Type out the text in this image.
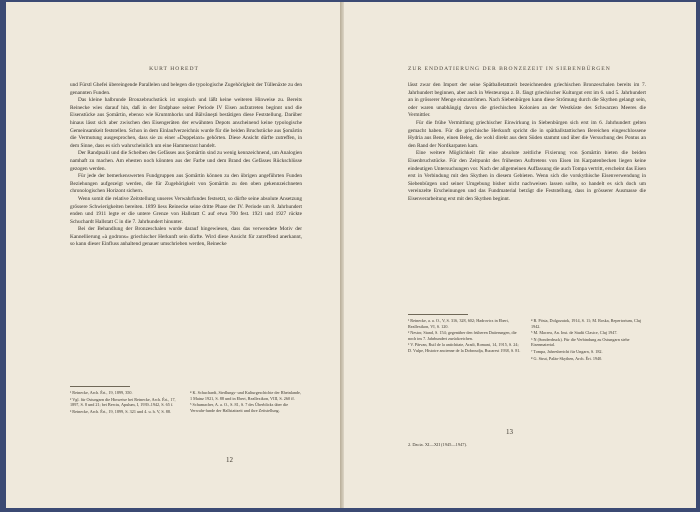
KURT HOREDT

und Fürstl Ghefei übereingende Parallelen und belegen die typologische Zugehörigkeit der Tüllenäxte zu den genannten Funden.

Das kleine halbrunde Bronzebruchstück ist utopisch und läßt keine weiteren Hinweise zu. Bereits Reinecke wies darauf hin, daß in der Endphase seiner Periode IV Eisen aufzutreten beginnt und die Eisenstücke aus Şomărtin, ebenso wie Krummhorks und Bălvăneşti bestätigen diese Feststellung. Darüber hinaus lässt sich aber zwischen den Eisengeräten der erwähnten Depots anscheinend keine typologische Gemeinsamkeit feststellen. Schon in dem Einlaufverzeichnis wurde für die beiden Bruchstücke aus Şomărtin die Vermutung ausgesprochen, dass sie zu einer »Doppelaxt« gehörten. Diese Ansicht dürfte zutreffen, in dem Sinne, dass es sich wahrscheinlich um eine Hammeraxt handelt.

Der Randpsalii und die Scheiben des Gefässes aus Şomărtin sind zu wenig kennzeichnend, um Analogien namhaft zu machen. Am ehesten noch könnten aus der Farbe und dem Brand des Gefässes Rückschlüsse gezogen werden.

Für jede der bemerkenswerten Fundgruppen aus Şomărtin können zu den übrigen angeführten Funden Beziehungen aufgezeigt werden, die für Zugehörigkeit von Şomărtin zu den oben gekennzeichneten chronologischen Horizont sichern.

Wenn somit die relative Zeitstellung unseres Verwahrfundes festsetzt, so dürfte seine absolute Ansetzung grössere Schwierigkeiten bereiten. 1899 liess Reinecke seine dritte Phase der IV. Periode um 8. Jahrhundert enden und 1911 legte er die untere Grenze von Hallstatt C auf etwa 700 fest. 1921 und 1927 rückte Schuchardt Hallstatt C in die 7. Jahrhundert hinunter.

Bei der Behandlung der Bronzeschalen wurde darauf hingewiesen, dass das verwendete Motiv der Kannellierung »à godrons« griechischer Herkunft sein dürfte. Wird diese Ansicht für zutreffend anerkannt, so kann dieser Einfluss anhaltend genauer umschrieben werden, Reinecke

¹ Reinecke, Arch. Ért., 19, 1899, 350.
² Vgl. für Ostungarn die Hinweise bei Reinecke, Arch. Ért., 17, 1897, S. 8 und 21; bei Berciu, Apulum, I, 1939–1942, S. 65 f.
³ Reinecke, Arch. Ért., 19, 1899, S. 321 und 4. u. h. V, S. 88.
⁴ K. Schuchardt, Siedlungs- und Kulturgeschichte der Rheinlande, 1 Mainz 1921, S. 88 und in Ebert, Reallexikon, VIII, S. 260 ff.
⁵ Schumacher, A. a. O., S. 81, S. 7 des Überblicks über die Verwahr-funde der Hallstattzeit und ihre Zeitstellung.
12
ZUR ENDDATIERUNG DER BRONZEZEIT IN SIEBENBÜRGEN

lässt zwar den Import der seine Spätballetattzeit bezeichnenden griechischen Bronzeschalen bereits im 7. Jahrhundert beginnen, aber auch in Westeuropa z. B. fängt griechischer Kulturgut erst im 6. und 5. Jahrhundert an in grösserer Menge einzuströmen. Nach Siebenbürgen kann diese Strömung durch die Skythen gelangt sein, oder waren unabhängig davon die griechischen Kolonien an der Westküste des Schwarzen Meeres die Vermittler.

Für die frühe Vermittlung griechischer Einwirkung in Siebenbürgen sich erst im 6. Jahrhundert gelten gemacht haben. Für die griechische Herkunft spricht die in späthallstattischen Bereichen eingeschlossene Hydria aus Bene, einen Beleg, die wohl direkt aus dem Süden stammt und über die Versuchung des Pontus an den Rand der Nordkarpaten kam.

Eine weitere Möglichkeit für eine absolute zeitliche Fixierung von Şomărtin bieten die beiden Eisenbruchstücke. Für den Zeitpunkt des frühesten Auftretens von Eisen im Karpatenbecken liegen keine eindeutigen Untersuchungen vor. Nach der allgemeinen Auffassung die auch Tompa vertritt, erscheint das Eisen erst in Verbindung mit den Skythen in diesem Gebieten. Wenn sich die vorskythische Eisenverwendung in Siebenbürgen und seiner Umgebung bisher nicht nachweisen lassen sollte, so handelt es sich doch um vereinzelte Erscheinungen und das Fundmaterial beträgt die Feststellung, dass in grösserer Ausmasse die Eisenverarbeitung erst mit den Skythen beginnt.

¹ Reinecke, a. a. O., V, S. 316, 328, 602; Hadrovics in Ebert, Reallexikon, VI, S. 120.
² Nestor, Stand, S. 154; gegenüber den früheren Datierungen, die noch ins 7. Jahrhundert zurückreichen.
³ V. Pârvan, Ruil de la antichitate, Aradi, Romani, 14, 1915, S. 24; D. Vulpe, Histoire ancienne de la Dobroudja, Bucarest 1938, S. 81.
⁴ B. Pösta, Dolgozatok, 1914, S. 11; M. Roska, Repertorium, Cluj 1942.
⁵ M. Macrea, An. Inst. de Studii Clasice, Cluj 1947.
⁶ N (Sonderdruck). Für die Verbindung zu Ostungarn siehe Eisenmaterial.
⁷ Tompa, Jahresbericht für Ungarn, S. 182.
⁸ G. Strut, Paläo-Skythen, Arch. Ért. 1940.
13
2. Dacia. XI—XII (1945—1947).
